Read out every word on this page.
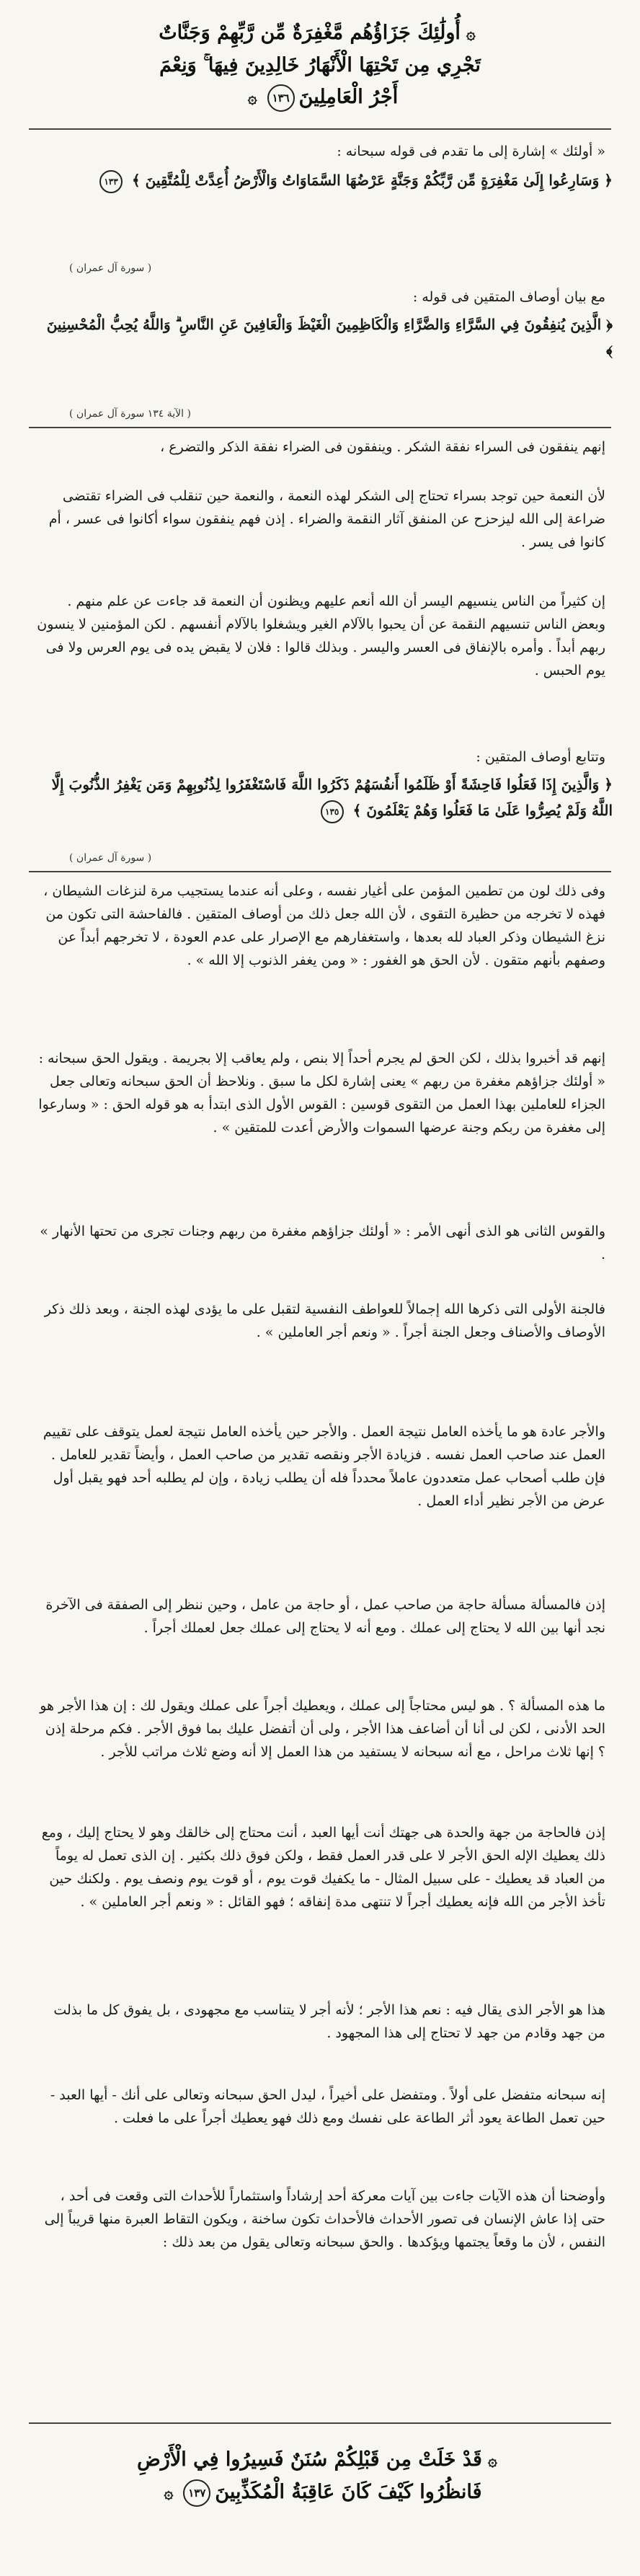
۞أُولَٰئِكَ جَزَاؤُهُم مَّغْفِرَةٌ مِّن رَّبِّهِمْ وَجَنَّاتٌ
تَجْرِي مِن تَحْتِهَا الْأَنْهَارُ خَالِدِينَ فِيهَا ۚ وَنِعْمَ
أَجْرُ الْعَامِلِينَ١٣٦۞
« أولئك » إشارة إلى ما تقدم فى قوله سبحانه :
﴿ وَسَارِعُوا إِلَىٰ مَغْفِرَةٍ مِّن رَّبِّكُمْ وَجَنَّةٍ عَرْضُهَا السَّمَاوَاتُ وَالْأَرْضُ أُعِدَّتْ لِلْمُتَّقِينَ ﴾ ١٣٣
( سورة آل عمران )
مع بيان أوصاف المتقين فى قوله :
﴿ الَّذِينَ يُنفِقُونَ فِي السَّرَّاءِ وَالضَّرَّاءِ وَالْكَاظِمِينَ الْغَيْظَ وَالْعَافِينَ عَنِ النَّاسِ ۗ وَاللَّهُ يُحِبُّ الْمُحْسِنِينَ ﴾
( الآية ١٣٤ سورة آل عمران )
إنهم ينفقون فى السراء نفقة الشكر . وينفقون فى الضراء نفقة الذكر والتضرع ،
لأن النعمة حين توجد بسراء تحتاج إلى الشكر لهذه النعمة ، والنعمة حين تنقلب فى الضراء تقتضى ضراعة إلى الله ليزحزح عن المنفق آثار النقمة والضراء . إذن فهم ينفقون سواء أكانوا فى عسر ، أم كانوا فى يسر .
إن كثيراً من الناس ينسيهم اليسر أن الله أنعم عليهم ويظنون أن النعمة قد جاءت عن علم منهم . وبعض الناس تنسيهم النقمة عن أن يحبوا بالآلام الغير ويشغلوا بالآلام أنفسهم . لكن المؤمنين لا ينسون ربهم أبداً . وأمره بالإنفاق فى العسر واليسر . وبذلك قالوا : فلان لا يقبض يده فى يوم العرس ولا فى يوم الحبس .
وتتابع أوصاف المتقين :
﴿ وَالَّذِينَ إِذَا فَعَلُوا فَاحِشَةً أَوْ ظَلَمُوا أَنفُسَهُمْ ذَكَرُوا اللَّهَ فَاسْتَغْفَرُوا لِذُنُوبِهِمْ وَمَن يَغْفِرُ الذُّنُوبَ إِلَّا اللَّهُ وَلَمْ يُصِرُّوا عَلَىٰ مَا فَعَلُوا وَهُمْ يَعْلَمُونَ ﴾ ١٣٥
( سورة آل عمران )
وفى ذلك لون من تطمين المؤمن على أغيار نفسه ، وعلى أنه عندما يستجيب مرة لنزغات الشيطان ، فهذه لا تخرجه من حظيرة التقوى ، لأن الله جعل ذلك من أوصاف المتقين . فالفاحشة التى تكون من نزغ الشيطان وذكر العباد لله بعدها ، واستغفارهم مع الإصرار على عدم العودة ، لا تخرجهم أبداً عن وصفهم بأنهم متقون . لأن الحق هو الغفور : « ومن يغفر الذنوب إلا الله » .
إنهم قد أخبروا بذلك ، لكن الحق لم يجرم أحداً إلا بنص ، ولم يعاقب إلا بجريمة . ويقول الحق سبحانه : « أولئك جزاؤهم مغفرة من ربهم » يعنى إشارة لكل ما سبق . ونلاحظ أن الحق سبحانه وتعالى جعل الجزاء للعاملين بهذا العمل من التقوى قوسين : القوس الأول الذى ابتدأ به هو قوله الحق : « وسارعوا إلى مغفرة من ربكم وجنة عرضها السموات والأرض أعدت للمتقين » .
والقوس الثانى هو الذى أنهى الأمر : « أولئك جزاؤهم مغفرة من ربهم وجنات تجرى من تحتها الأنهار » .
فالجنة الأولى التى ذكرها الله إجمالاً للعواطف النفسية لتقبل على ما يؤدى لهذه الجنة ، وبعد ذلك ذكر الأوصاف والأصناف وجعل الجنة أجراً . « ونعم أجر العاملين » .
والأجر عادة هو ما يأخذه العامل نتيجة العمل . والأجر حين يأخذه العامل نتيجة لعمل يتوقف على تقييم العمل عند صاحب العمل نفسه . فزيادة الأجر ونقصه تقدير من صاحب العمل ، وأيضاً تقدير للعامل . فإن طلب أصحاب عمل متعددون عاملاً محدداً فله أن يطلب زيادة ، وإن لم يطلبه أحد فهو يقبل أول عرض من الأجر نظير أداء العمل .
إذن فالمسألة مسألة حاجة من صاحب عمل ، أو حاجة من عامل ، وحين ننظر إلى الصفقة فى الآخرة نجد أنها بين الله لا يحتاج إلى عملك . ومع أنه لا يحتاج إلى عملك جعل لعملك أجراً .
ما هذه المسألة ؟ . هو ليس محتاجاً إلى عملك ، ويعطيك أجراً على عملك ويقول لك : إن هذا الأجر هو الحد الأدنى ، لكن لى أنا أن أضاعف هذا الأجر ، ولى أن أتفضل عليك بما فوق الأجر . فكم مرحلة إذن ؟ إنها ثلاث مراحل ، مع أنه سبحانه لا يستفيد من هذا العمل إلا أنه وضع ثلاث مراتب للأجر .
إذن فالحاجة من جهة والحدة هى جهتك أنت أيها العبد ، أنت محتاج إلى خالقك وهو لا يحتاج إليك ، ومع ذلك يعطيك الإله الحق الأجر لا على قدر العمل فقط ، ولكن فوق ذلك بكثير . إن الذى تعمل له يوماً من العباد قد يعطيك - على سبيل المثال - ما يكفيك قوت يوم ، أو قوت يوم ونصف يوم . ولكنك حين تأخذ الأجر من الله فإنه يعطيك أجراً لا تنتهى مدة إنفاقه ؛ فهو القائل : « ونعم أجر العاملين » .
هذا هو الأجر الذى يقال فيه : نعم هذا الأجر ؛ لأنه أجر لا يتناسب مع مجهودى ، بل يفوق كل ما بذلت من جهد وقادم من جهد لا تحتاج إلى هذا المجهود .
إنه سبحانه متفضل على أولاً . ومتفضل على أخيراً ، ليدل الحق سبحانه وتعالى على أنك - أيها العبد - حين تعمل الطاعة يعود أثر الطاعة على نفسك ومع ذلك فهو يعطيك أجراً على ما فعلت .
وأوضحنا أن هذه الآيات جاءت بين آيات معركة أحد إرشاداً واستثماراً للأحداث التى وقعت فى أحد ، حتى إذا عاش الإنسان فى تصور الأحداث فالأحداث تكون ساخنة ، ويكون التقاط العبرة منها قريباً إلى النفس ، لأن ما وقعاً يجتمها ويؤكدها . والحق سبحانه وتعالى يقول من بعد ذلك :
۞قَدْ خَلَتْ مِن قَبْلِكُمْ سُنَنٌ فَسِيرُوا فِي الْأَرْضِ
فَانظُرُوا كَيْفَ كَانَ عَاقِبَةُ الْمُكَذِّبِينَ١٣٧۞
